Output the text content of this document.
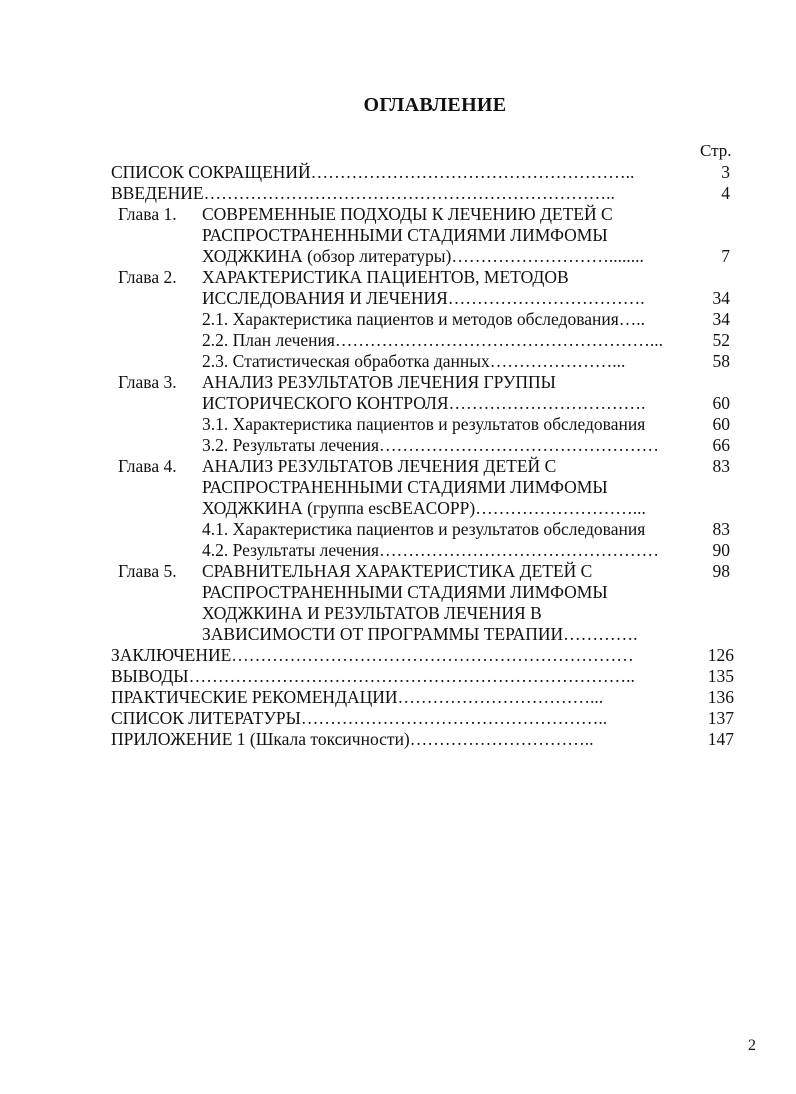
ОГЛАВЛЕНИЕ
Стр.
СПИСОК СОКРАЩЕНИЙ………………………………………………..	3
ВВЕДЕНИЕ……………………………………………………………..	4
Глава 1. СОВРЕМЕННЫЕ ПОДХОДЫ К ЛЕЧЕНИЮ ДЕТЕЙ С
РАСПРОСТРАНЕННЫМИ СТАДИЯМИ ЛИМФОМЫ
ХОДЖКИНА (обзор литературы)………………………........	7
Глава 2. ХАРАКТЕРИСТИКА ПАЦИЕНТОВ, МЕТОДОВ
ИССЛЕДОВАНИЯ И ЛЕЧЕНИЯ…………………………….	34
2.1. Характеристика пациентов и методов обследования…..	34
2.2. План лечения………………………………………………...	52
2.3. Статистическая обработка данных…………………...	58
Глава 3. АНАЛИЗ РЕЗУЛЬТАТОВ ЛЕЧЕНИЯ ГРУППЫ
ИСТОРИЧЕСКОГО КОНТРОЛЯ…………………………….	60
3.1. Характеристика пациентов и результатов обследования	60
3.2. Результаты лечения…………………………………………	66
Глава 4. АНАЛИЗ РЕЗУЛЬТАТОВ ЛЕЧЕНИЯ ДЕТЕЙ С	83
РАСПРОСТРАНЕННЫМИ СТАДИЯМИ ЛИМФОМЫ
ХОДЖКИНА (группа escBEACOPP)………………………...
4.1. Характеристика пациентов и результатов обследования	83
4.2. Результаты лечения…………………………………………	90
Глава 5. СРАВНИТЕЛЬНАЯ ХАРАКТЕРИСТИКА ДЕТЕЙ С	98
РАСПРОСТРАНЕННЫМИ СТАДИЯМИ ЛИМФОМЫ
ХОДЖКИНА И РЕЗУЛЬТАТОВ ЛЕЧЕНИЯ В
ЗАВИСИМОСТИ ОТ ПРОГРАММЫ ТЕРАПИИ………….
ЗАКЛЮЧЕНИЕ……………………………………………………………	126
ВЫВОДЫ…………………………………………………………………..	135
ПРАКТИЧЕСКИЕ РЕКОМЕНДАЦИИ……………………………...	136
СПИСОК ЛИТЕРАТУРЫ……………………………………………..	137
ПРИЛОЖЕНИЕ 1 (Шкала токсичности)…………………………..	147
2
